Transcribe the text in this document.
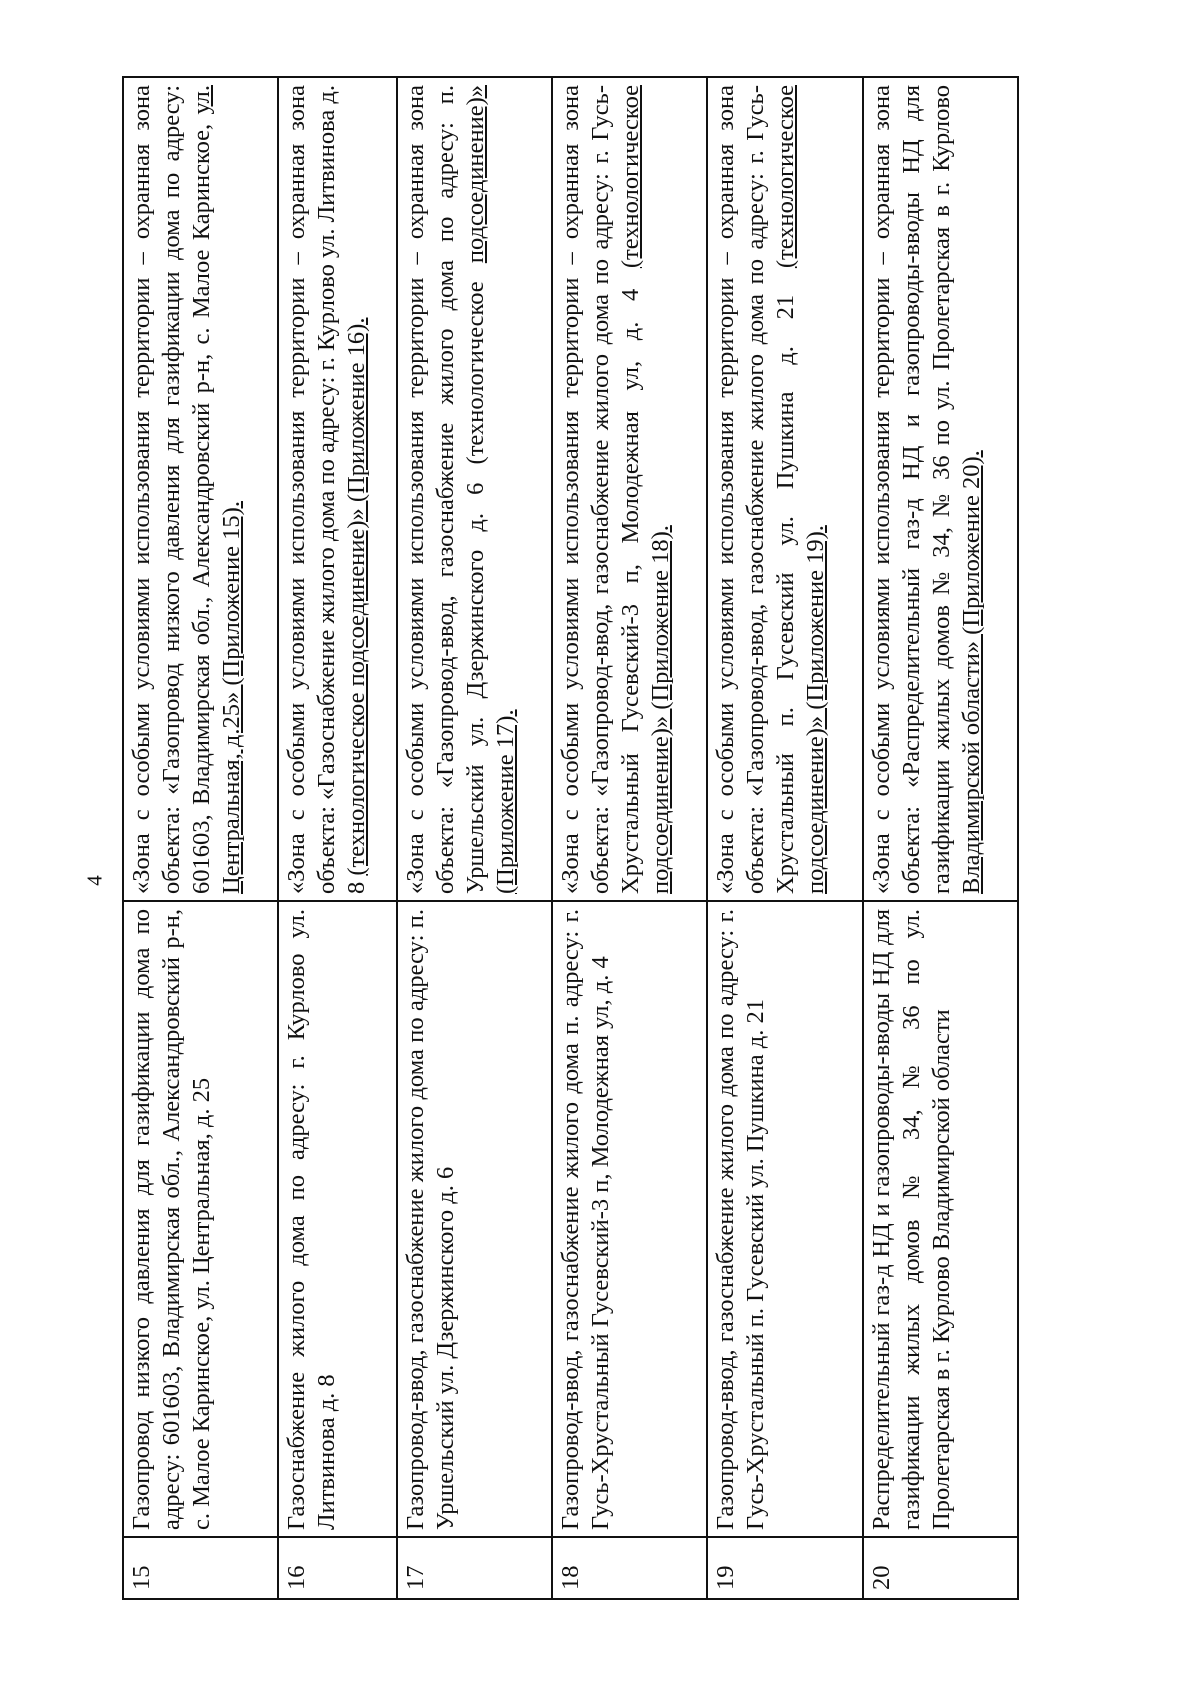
4
15	Газопровод низкого давления для газификации дома по адресу: 601603, Владимирская обл., Александровский р-н, с. Малое Каринское, ул. Центральная, д. 25	«Зона с особыми условиями использования территории – охранная зона объекта: «Газопровод низкого давления для газификации дома по адресу: 601603, Владимирская обл., Александровский р-н, с. Малое Каринское, ул. Центральная, д.25» (Приложение 15).
16	Газоснабжение жилого дома по адресу: г. Курлово ул. Литвинова д. 8	«Зона с особыми условиями использования территории – охранная зона объекта: «Газоснабжение жилого дома по адресу: г. Курлово ул. Литвинова д. 8 (технологическое подсоединение)» (Приложение 16).
17	Газопровод-ввод, газоснабжение жилого дома по адресу: п. Уршельский ул. Дзержинского д. 6	«Зона с особыми условиями использования территории – охранная зона объекта: «Газопровод-ввод, газоснабжение жилого дома по адресу: п. Уршельский ул. Дзержинского д. 6 (технологическое подсоединение)» (Приложение 17).
18	Газопровод-ввод, газоснабжение жилого дома п. адресу: г. Гусь-Хрустальный Гусевский-3 п, Молодежная ул, д. 4	«Зона с особыми условиями использования территории – охранная зона объекта: «Газопровод-ввод, газоснабжение жилого дома по адресу: г. Гусь-Хрустальный Гусевский-3 п, Молодежная ул, д. 4 (технологическое подсоединение)» (Приложение 18).
19	Газопровод-ввод, газоснабжение жилого дома по адресу: г. Гусь-Хрустальный п. Гусевский ул. Пушкина д. 21	«Зона с особыми условиями использования территории – охранная зона объекта: «Газопровод-ввод, газоснабжение жилого дома по адресу: г. Гусь-Хрустальный п. Гусевский ул. Пушкина д. 21 (технологическое подсоединение)» (Приложение 19).
20	Распределительный газ-д НД и газопроводы-вводы НД для газификации жилых домов № 34, № 36 по ул. Пролетарская в г. Курлово Владимирской области	«Зона с особыми условиями использования территории – охранная зона объекта: «Распределительный газ-д НД и газопроводы-вводы НД для газификации жилых домов № 34, № 36 по ул. Пролетарская в г. Курлово Владимирской области» (Приложение 20).
